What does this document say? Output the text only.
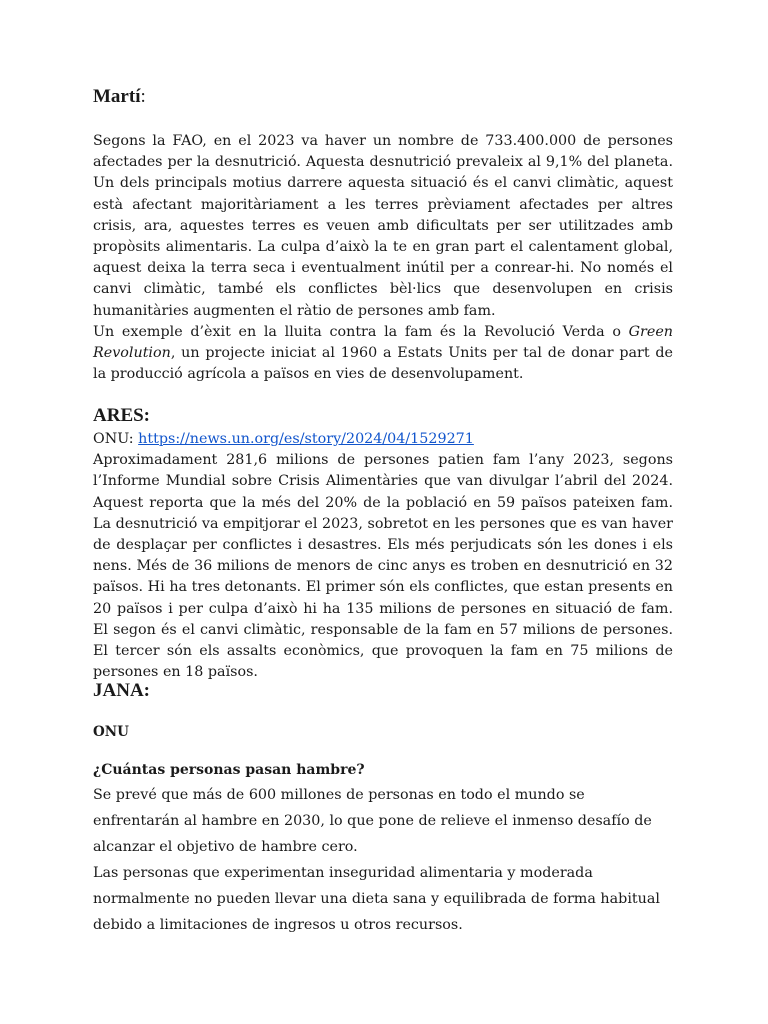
Martí:

Segons la FAO, en el 2023 va haver un nombre de 733.400.000 de persones afectades per la desnutrició. Aquesta desnutrició prevaleix al 9,1% del planeta. Un dels principals motius darrere aquesta situació és el canvi climàtic, aquest està afectant majoritàriament a les terres prèviament afectades per altres crisis, ara, aquestes terres es veuen amb dificultats per ser utilitzades amb propòsits alimentaris. La culpa d’això la te en gran part el calentament global, aquest deixa la terra seca i eventualment inútil per a conrear-hi. No només el canvi climàtic, també els conflictes bèl·lics que desenvolupen en crisis humanitàries augmenten el ràtio de persones amb fam.

Un exemple d’èxit en la lluita contra la fam és la Revolució Verda o Green Revolution, un projecte iniciat al 1960 a Estats Units per tal de donar part de la producció agrícola a països en vies de desenvolupament.

ARES:

ONU: https://news.un.org/es/story/2024/04/1529271

Aproximadament 281,6 milions de persones patien fam l’any 2023, segons l’Informe Mundial sobre Crisis Alimentàries que van divulgar l’abril del 2024. Aquest reporta que la més del 20% de la població en 59 països pateixen fam. La desnutrició va empitjorar el 2023, sobretot en les persones que es van haver de desplaçar per conflictes i desastres. Els més perjudicats són les dones i els nens. Més de 36 milions de menors de cinc anys es troben en desnutrició en 32 països. Hi ha tres detonants. El primer són els conflictes, que estan presents en 20 països i per culpa d’això hi ha 135 milions de persones en situació de fam. El segon és el canvi climàtic, responsable de la fam en 57 milions de persones. El tercer són els assalts econòmics, que provoquen la fam en 75 milions de persones en 18 països.

JANA:

ONU

¿Cuántas personas pasan hambre?

Se prevé que más de 600 millones de personas en todo el mundo se enfrentarán al hambre en 2030, lo que pone de relieve el inmenso desafío de alcanzar el objetivo de hambre cero.

Las personas que experimentan inseguridad alimentaria y moderada normalmente no pueden llevar una dieta sana y equilibrada de forma habitual debido a limitaciones de ingresos u otros recursos.
